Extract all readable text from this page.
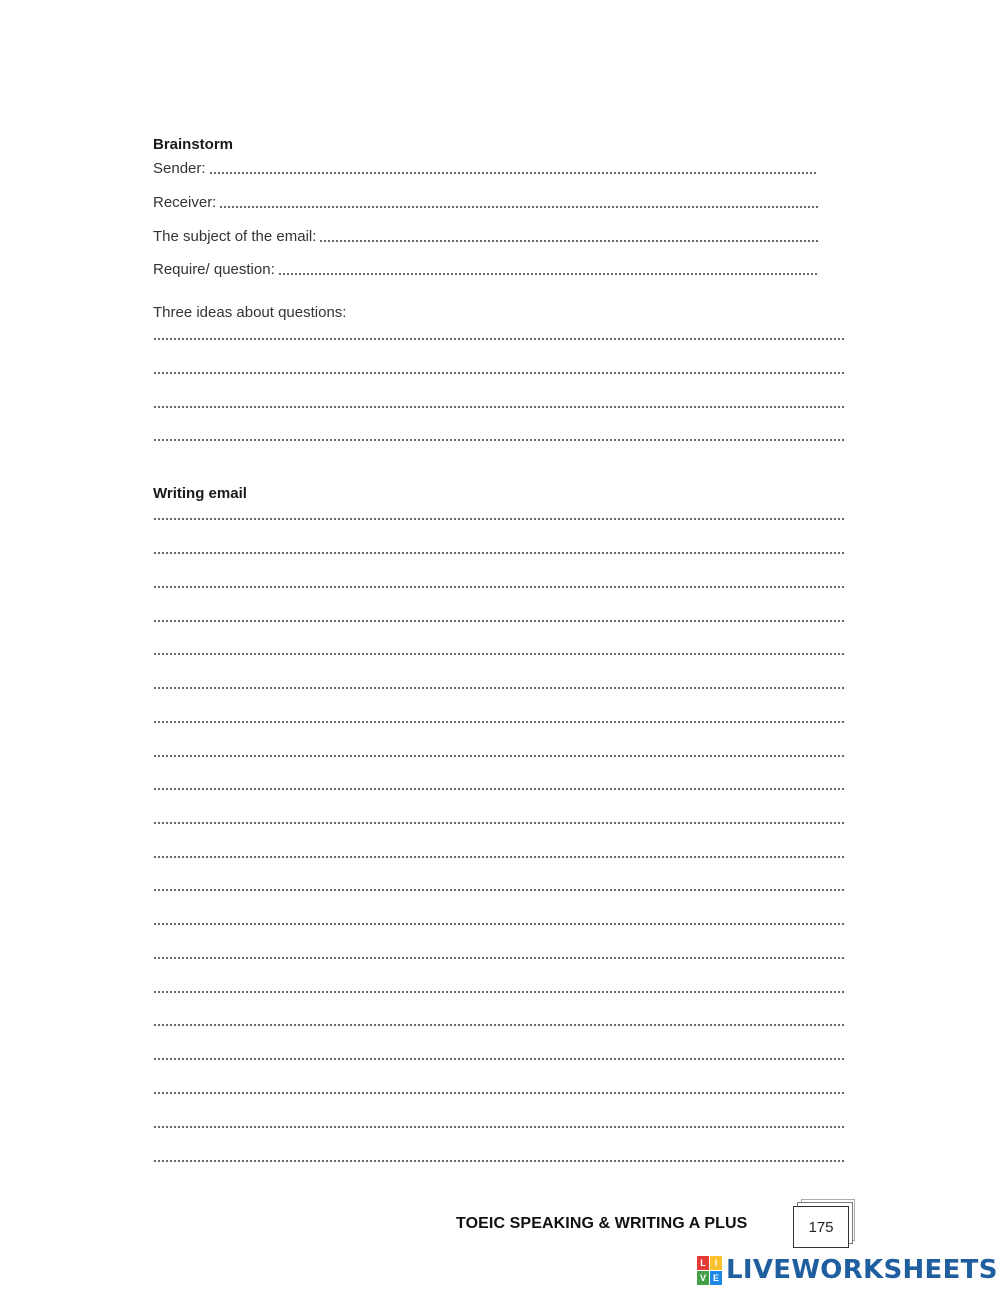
Brainstorm
Sender:
Receiver:
The subject of the email:
Require/ question:
Three ideas about questions:
Writing email
TOEIC SPEAKING & WRITING A PLUS	175
L I
V E LIVEWORKSHEETS
